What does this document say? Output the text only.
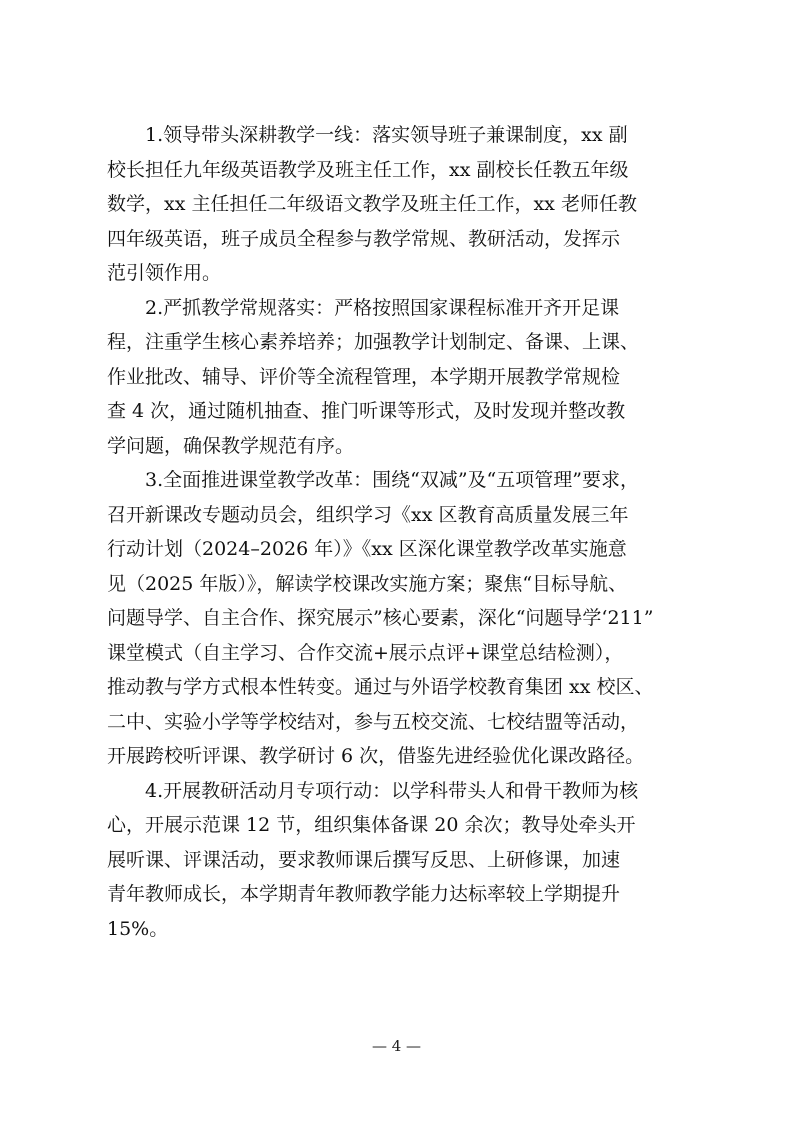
1.领导带头深耕教学一线：落实领导班子兼课制度，xx 副
校长担任九年级英语教学及班主任工作，xx 副校长任教五年级
数学，xx 主任担任二年级语文教学及班主任工作，xx 老师任教
四年级英语，班子成员全程参与教学常规、教研活动，发挥示
范引领作用。

2.严抓教学常规落实：严格按照国家课程标准开齐开足课
程，注重学生核心素养培养；加强教学计划制定、备课、上课、
作业批改、辅导、评价等全流程管理，本学期开展教学常规检
查 4 次，通过随机抽查、推门听课等形式，及时发现并整改教
学问题，确保教学规范有序。

3.全面推进课堂教学改革：围绕“双减”及“五项管理”要求，
召开新课改专题动员会，组织学习《xx 区教育高质量发展三年
行动计划（2024–2026 年）》《xx 区深化课堂教学改革实施意
见（2025 年版）》，解读学校课改实施方案；聚焦“目标导航、
问题导学、自主合作、探究展示”核心要素，深化“问题导学‘211”
课堂模式（自主学习、合作交流+展示点评+课堂总结检测），
推动教与学方式根本性转变。通过与外语学校教育集团 xx 校区、
二中、实验小学等学校结对，参与五校交流、七校结盟等活动，
开展跨校听评课、教学研讨 6 次，借鉴先进经验优化课改路径。

4.开展教研活动月专项行动：以学科带头人和骨干教师为核
心，开展示范课 12 节，组织集体备课 20 余次；教导处牵头开
展听课、评课活动，要求教师课后撰写反思、上研修课，加速
青年教师成长，本学期青年教师教学能力达标率较上学期提升
15%。

— 4 —
